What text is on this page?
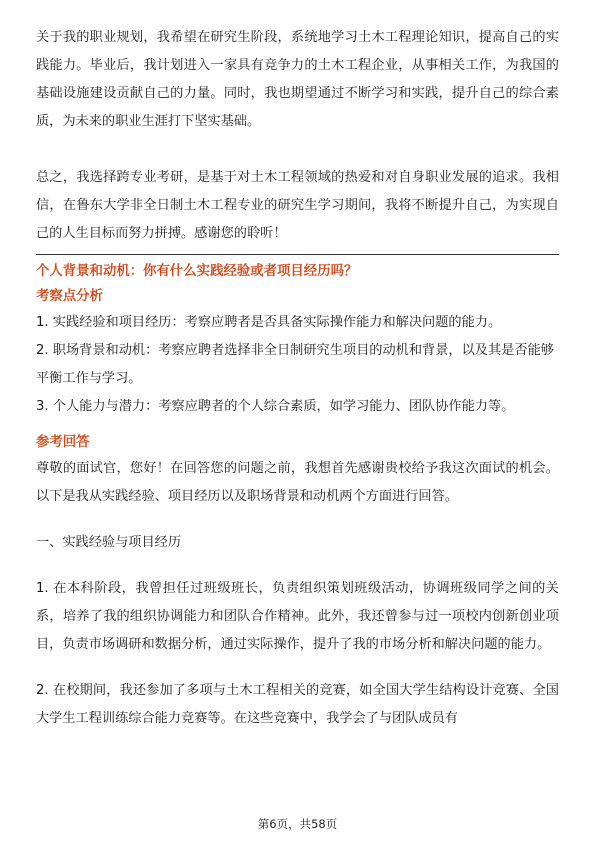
关于我的职业规划，我希望在研究生阶段，系统地学习土木工程理论知识，提高自己的实践能力。毕业后，我计划进入一家具有竞争力的土木工程企业，从事相关工作，为我国的基础设施建设贡献自己的力量。同时，我也期望通过不断学习和实践，提升自己的综合素质，为未来的职业生涯打下坚实基础。

总之，我选择跨专业考研，是基于对土木工程领域的热爱和对自身职业发展的追求。我相信，在鲁东大学非全日制土木工程专业的研究生学习期间，我将不断提升自己，为实现自己的人生目标而努力拼搏。感谢您的聆听！

个人背景和动机：你有什么实践经验或者项目经历吗？
考察点分析
1. 实践经验和项目经历：考察应聘者是否具备实际操作能力和解决问题的能力。
2. 职场背景和动机：考察应聘者选择非全日制研究生项目的动机和背景，以及其是否能够平衡工作与学习。
3. 个人能力与潜力：考察应聘者的个人综合素质，如学习能力、团队协作能力等。
参考回答

尊敬的面试官，您好！在回答您的问题之前，我想首先感谢贵校给予我这次面试的机会。以下是我从实践经验、项目经历以及职场背景和动机两个方面进行回答。

一、实践经验与项目经历

1. 在本科阶段，我曾担任过班级班长，负责组织策划班级活动，协调班级同学之间的关系，培养了我的组织协调能力和团队合作精神。此外，我还曾参与过一项校内创新创业项目，负责市场调研和数据分析，通过实际操作，提升了我的市场分析和解决问题的能力。

2. 在校期间，我还参加了多项与土木工程相关的竞赛，如全国大学生结构设计竞赛、全国大学生工程训练综合能力竞赛等。在这些竞赛中，我学会了与团队成员有

第6页，共58页
